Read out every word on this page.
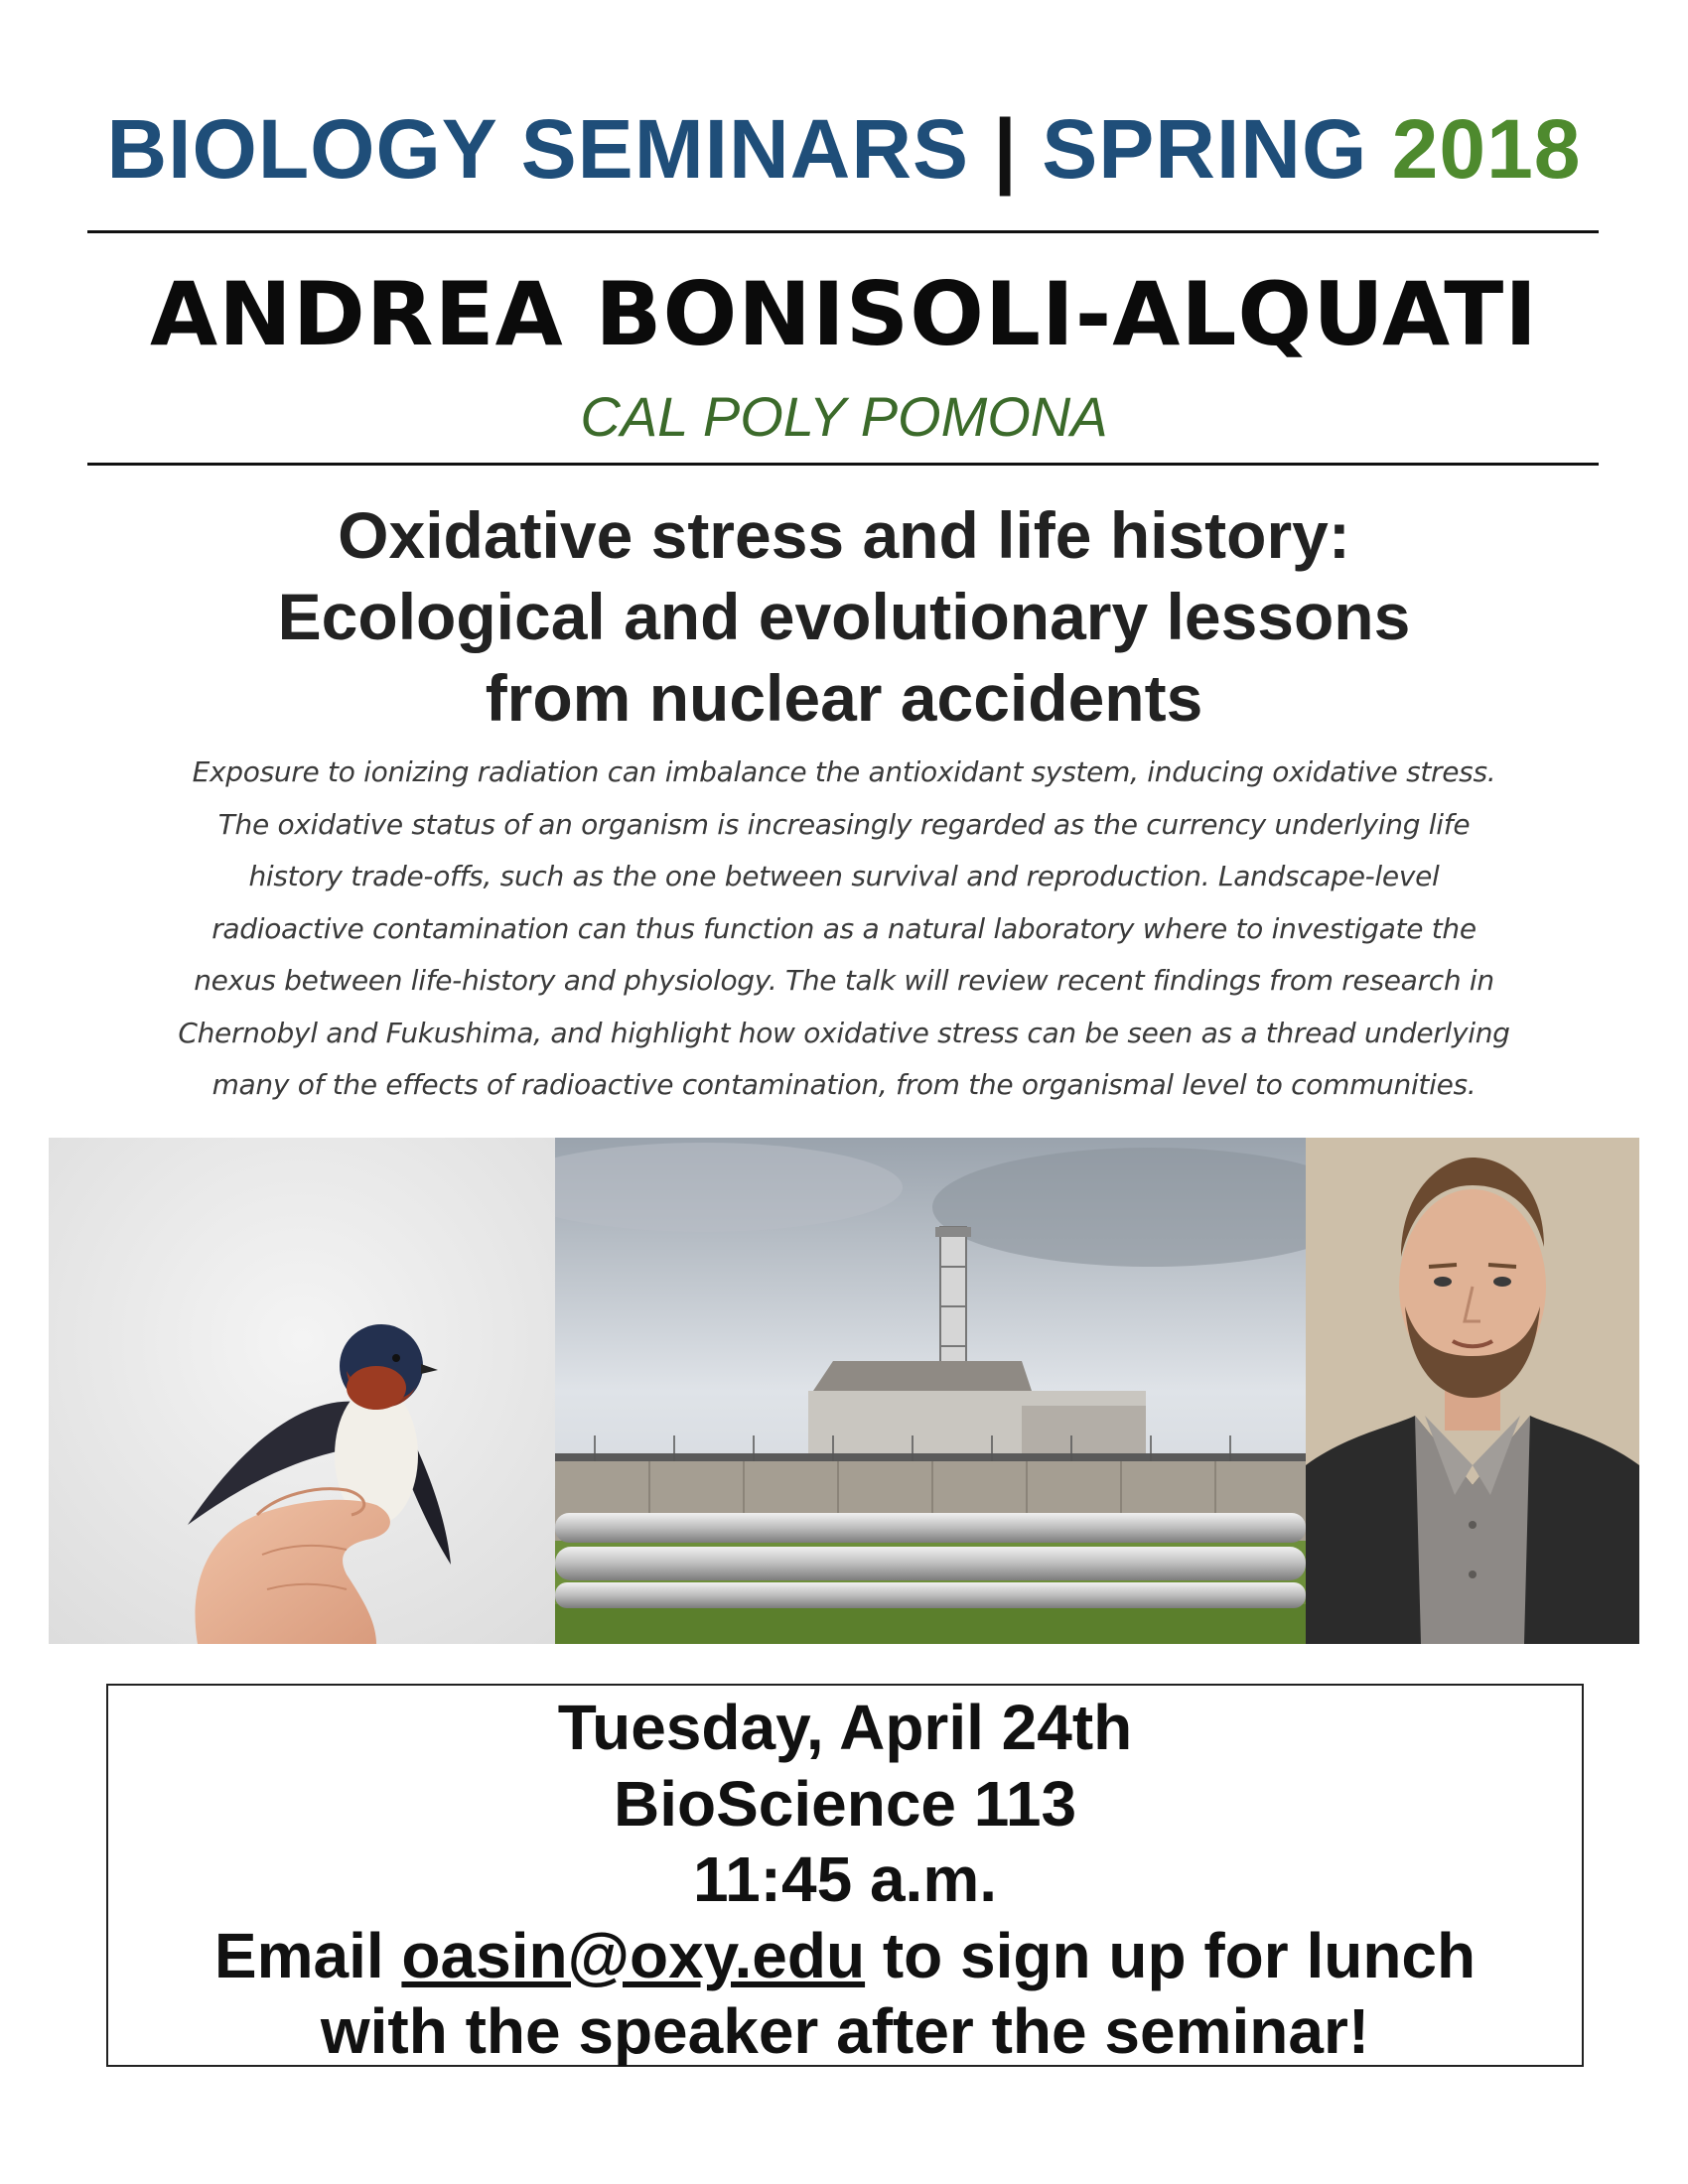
BIOLOGY SEMINARS | SPRING 2018
ANDREA BONISOLI-ALQUATI
CAL POLY POMONA
Oxidative stress and life history:
Ecological and evolutionary lessons
from nuclear accidents
Exposure to ionizing radiation can imbalance the antioxidant system, inducing oxidative stress.
The oxidative status of an organism is increasingly regarded as the currency underlying life
history trade-offs, such as the one between survival and reproduction. Landscape-level
radioactive contamination can thus function as a natural laboratory where to investigate the
nexus between life-history and physiology. The talk will review recent findings from research in
Chernobyl and Fukushima, and highlight how oxidative stress can be seen as a thread underlying
many of the effects of radioactive contamination, from the organismal level to communities.
Tuesday, April 24th
BioScience 113
11:45 a.m.
Email oasin@oxy.edu to sign up for lunch
with the speaker after the seminar!
